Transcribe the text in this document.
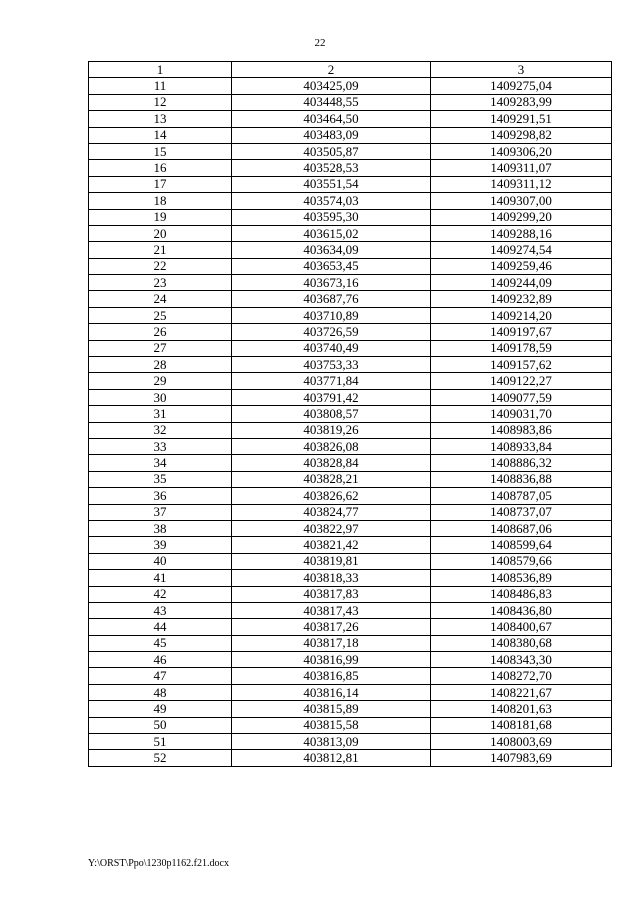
22
1	2	3
11	403425,09	1409275,04
12	403448,55	1409283,99
13	403464,50	1409291,51
14	403483,09	1409298,82
15	403505,87	1409306,20
16	403528,53	1409311,07
17	403551,54	1409311,12
18	403574,03	1409307,00
19	403595,30	1409299,20
20	403615,02	1409288,16
21	403634,09	1409274,54
22	403653,45	1409259,46
23	403673,16	1409244,09
24	403687,76	1409232,89
25	403710,89	1409214,20
26	403726,59	1409197,67
27	403740,49	1409178,59
28	403753,33	1409157,62
29	403771,84	1409122,27
30	403791,42	1409077,59
31	403808,57	1409031,70
32	403819,26	1408983,86
33	403826,08	1408933,84
34	403828,84	1408886,32
35	403828,21	1408836,88
36	403826,62	1408787,05
37	403824,77	1408737,07
38	403822,97	1408687,06
39	403821,42	1408599,64
40	403819,81	1408579,66
41	403818,33	1408536,89
42	403817,83	1408486,83
43	403817,43	1408436,80
44	403817,26	1408400,67
45	403817,18	1408380,68
46	403816,99	1408343,30
47	403816,85	1408272,70
48	403816,14	1408221,67
49	403815,89	1408201,63
50	403815,58	1408181,68
51	403813,09	1408003,69
52	403812,81	1407983,69
Y:\ORST\Ppo\1230p1162.f21.docx
